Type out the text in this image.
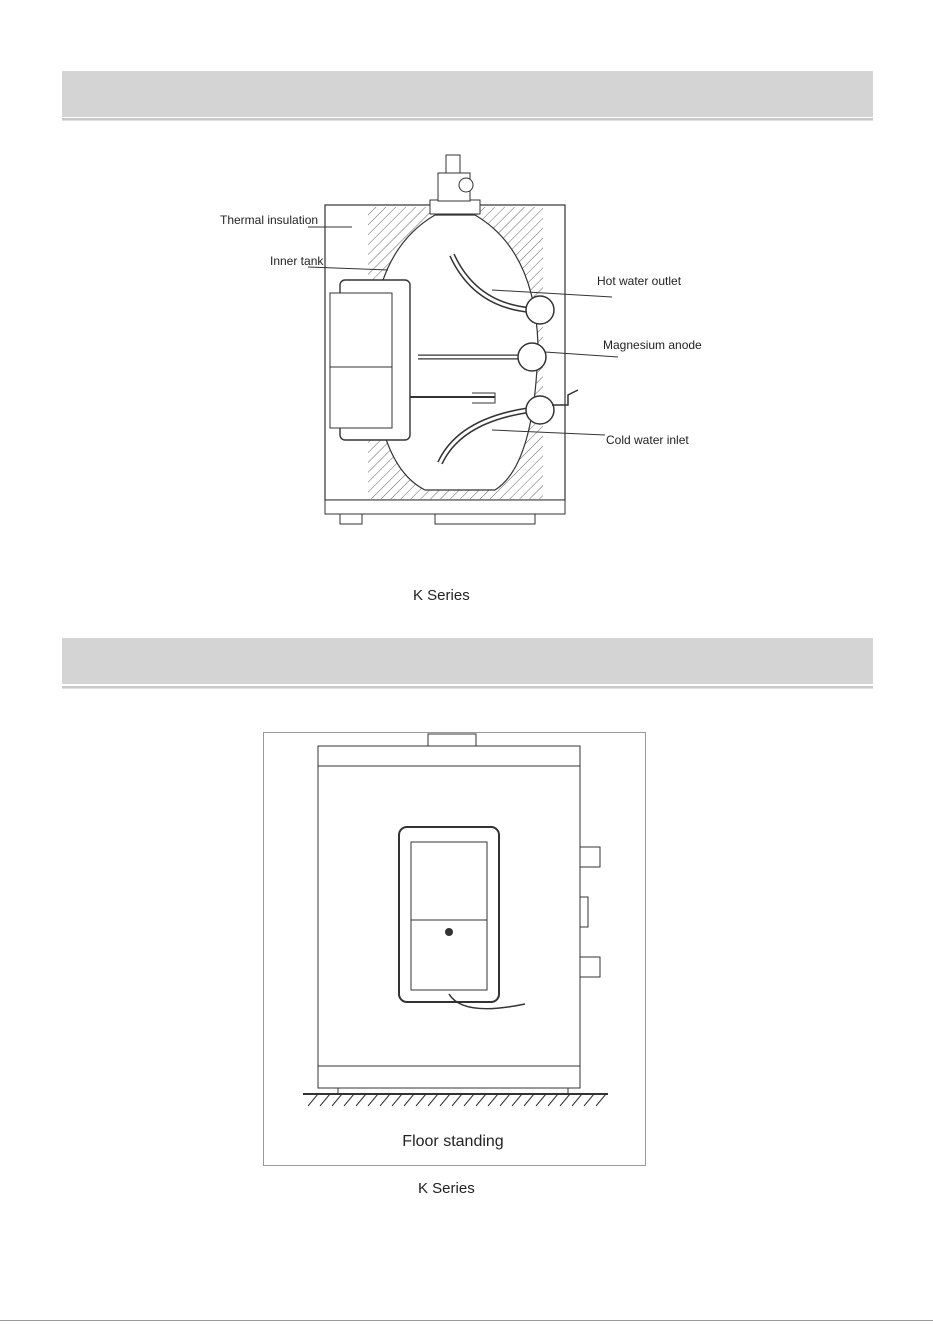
Thermal insulation
Inner tank
Hot water outlet
Magnesium anode
Cold water inlet
K Series
Floor standing
K Series
